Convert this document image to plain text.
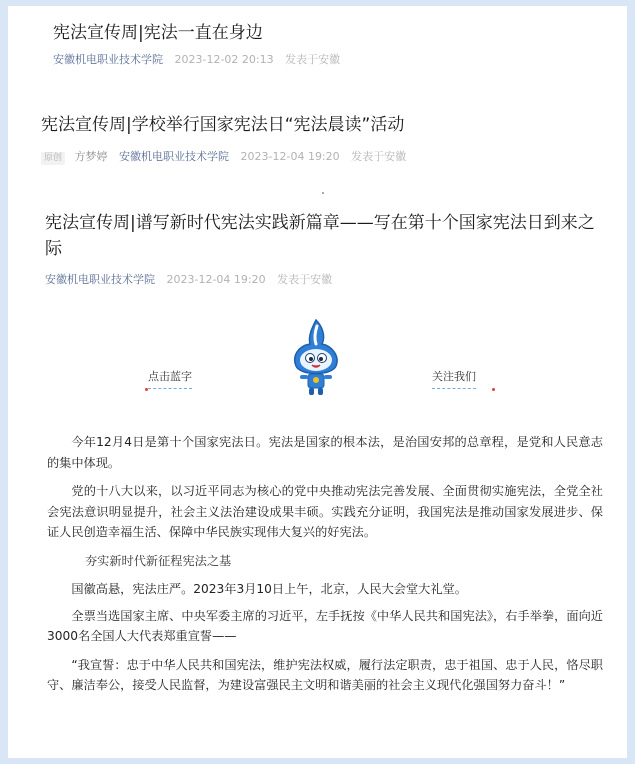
宪法宣传周|宪法一直在身边
安徽机电职业技术学院 2023-12-02 20:13 发表于安徽
宪法宣传周|学校举行国家宪法日“宪法晨读”活动
原创 方梦婷 安徽机电职业技术学院 2023-12-04 19:20 发表于安徽
宪法宣传周|谱写新时代宪法实践新篇章——写在第十个国家宪法日到来之际
安徽机电职业技术学院 2023-12-04 19:20 发表于安徽
点击蓝字	关注我们

今年12月4日是第十个国家宪法日。宪法是国家的根本法，是治国安邦的总章程，是党和人民意志的集中体现。

党的十八大以来，以习近平同志为核心的党中央推动宪法完善发展、全面贯彻实施宪法，全党全社会宪法意识明显提升，社会主义法治建设成果丰硕。实践充分证明，我国宪法是推动国家发展进步、保证人民创造幸福生活、保障中华民族实现伟大复兴的好宪法。

夯实新时代新征程宪法之基

国徽高悬，宪法庄严。2023年3月10日上午，北京，人民大会堂大礼堂。

全票当选国家主席、中央军委主席的习近平，左手抚按《中华人民共和国宪法》，右手举拳，面向近3000名全国人大代表郑重宣誓——

“我宣誓：忠于中华人民共和国宪法，维护宪法权威，履行法定职责，忠于祖国、忠于人民，恪尽职守、廉洁奉公，接受人民监督，为建设富强民主文明和谐美丽的社会主义现代化强国努力奋斗！”
